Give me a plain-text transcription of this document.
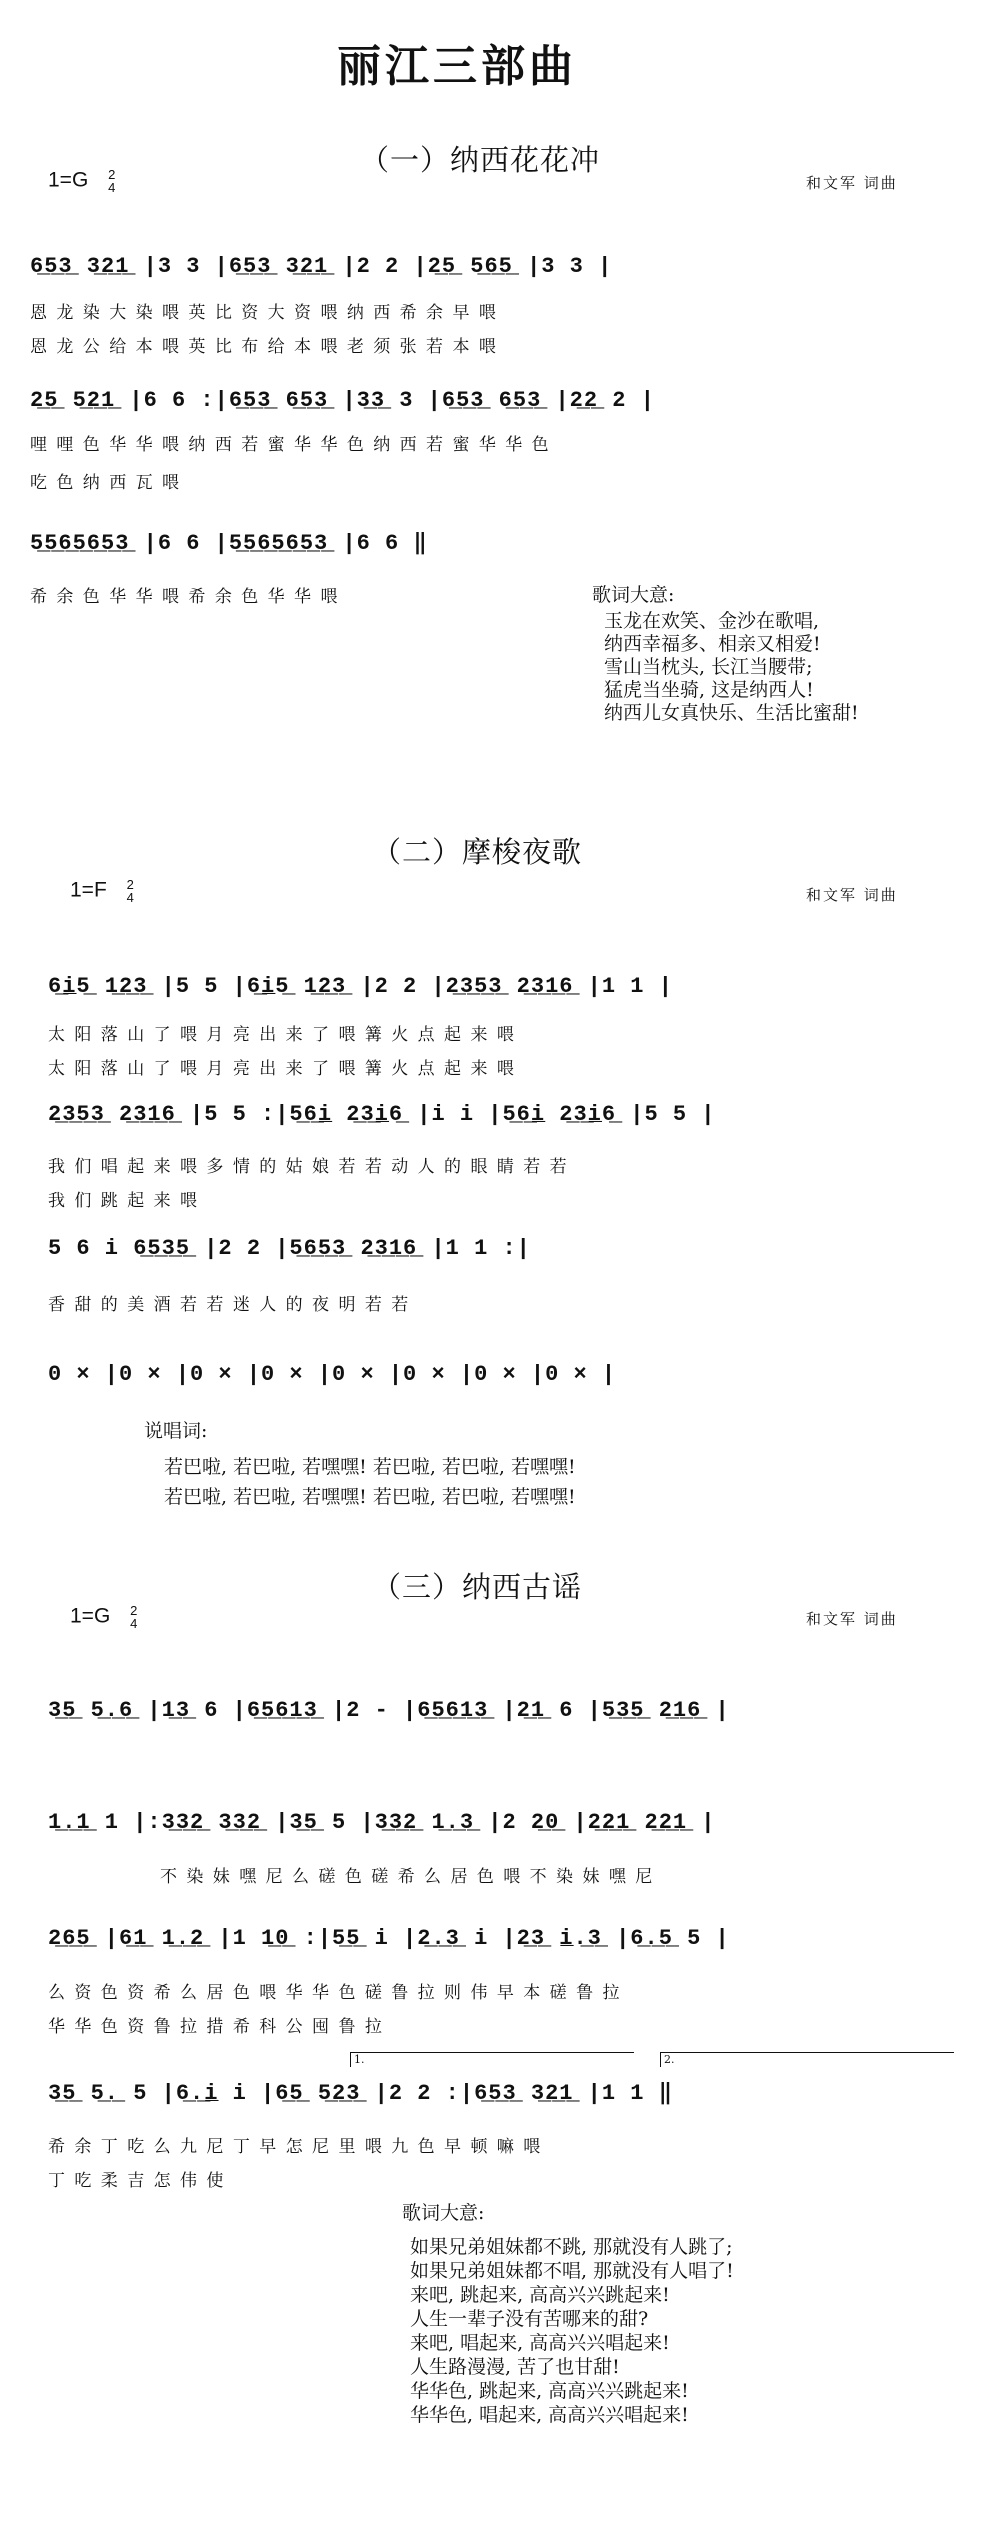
丽江三部曲
（一）纳西花花冲
1=G 2
4	和文军 词曲
6̲5̲3̲ 3̲2̲1̲ |3 3 |6̲5̲3̲ 3̲2̲1̲ |2 2 |2̲5̲ 5̲6̲5̲ |3 3 |
恩 龙 染 大 染 喂 英 比 资 大 资 喂 纳 西 希 余 早 喂
恩 龙 公 给 本 喂 英 比 布 给 本 喂 老 须 张 若 本 喂
2̲5̲ 5̲2̲1̲ |6 6 :|6̲5̲3̲ 6̲5̲3̲ |3̲3̲ 3 |6̲5̲3̲ 6̲5̲3̲ |2̲2̲ 2 |
哩 哩 色 华 华 喂 纳 西 若 蜜 华 华 色 纳 西 若 蜜 华 华 色
吃 色 纳 西 瓦 喂
5̲5̲6̲5̲6̲5̲3̲ |6 6 |5̲5̲6̲5̲6̲5̲3̲ |6 6 ‖
希 余 色 华 华 喂 希 余 色 华 华 喂	歌词大意:
玉龙在欢笑、金沙在歌唱,
纳西幸福多、相亲又相爱!
雪山当枕头, 长江当腰带;
猛虎当坐骑, 这是纳西人!
纳西儿女真快乐、生活比蜜甜!
（二）摩梭夜歌
1=F 2
4	和文军 词曲
6̲i̲5̲ 1̲2̲3̲ |5 5 |6̲i̲5̲ 1̲2̲3̲ |2 2 |2̲3̲5̲3̲ 2̲3̲1̲6̲ |1 1 |
太 阳 落 山 了 喂 月 亮 出 来 了 喂 篝 火 点 起 来 喂
太 阳 落 山 了 喂 月 亮 出 来 了 喂 篝 火 点 起 来 喂
2̲3̲5̲3̲ 2̲3̲1̲6̲ |5 5 :|5̲6̲i̲ 2̲3̲i̲6̲ |i i |5̲6̲i̲ 2̲3̲i̲6̲ |5 5 |
我 们 唱 起 来 喂 多 情 的 姑 娘 若 若 动 人 的 眼 睛 若 若
我 们 跳 起 来 喂
5 6 i 6̲5̲3̲5̲ |2 2 |5̲6̲5̲3̲ 2̲3̲1̲6̲ |1 1 :|
香 甜 的 美 酒 若 若 迷 人 的 夜 明 若 若
0 × |0 × |0 × |0 × |0 × |0 × |0 × |0 × |
说唱词:
若巴啦, 若巴啦, 若嘿嘿! 若巴啦, 若巴啦, 若嘿嘿!
若巴啦, 若巴啦, 若嘿嘿! 若巴啦, 若巴啦, 若嘿嘿!
（三）纳西古谣
1=G 2
4	和文军 词曲
3̲5̲ 5̲.̲6̲ |1̲3̲ 6 |6̲5̲6̲1̲3̲ |2 - |6̲5̲6̲1̲3̲ |2̲1̲ 6 |5̲3̲5̲ 2̲1̲6̲ |
1̲.̲1̲ 1 |:3̲3̲2̲ 3̲3̲2̲ |3̲5̲ 5 |3̲3̲2̲ 1̲.̲3̲ |2 2̲0̲ |2̲2̲1̲ 2̲2̲1̲ |
不 染 妹 嘿 尼 么 磋 色 磋 希 么 居 色 喂 不 染 妹 嘿 尼
2̲6̲5̲ |6̲1̲ 1̲.̲2̲ |1 1̲0̲ :|5̲5̲ i |2̲.̲3̲ i |2̲3̲ i̲.̲3̲ |6̲.̲5̲ 5 |
么 资 色 资 希 么 居 色 喂 华 华 色 磋 鲁 拉 则 伟 早 本 磋 鲁 拉
华 华 色 资 鲁 拉 措 希 科 公 囤 鲁 拉
1.	2.
3̲5̲ 5̲.̲ 5 |6̲.̲i̲ i |6̲5̲ 5̲2̲3̲ |2 2 :|6̲5̲3̲ 3̲2̲1̲ |1 1 ‖
希 余 丁 吃 么 九 尼 丁 早 怎 尼 里 喂 九 色 早 顿 嘛 喂
丁 吃 柔 吉 怎 伟 使
歌词大意:
如果兄弟姐妹都不跳, 那就没有人跳了;
如果兄弟姐妹都不唱, 那就没有人唱了!
来吧, 跳起来, 高高兴兴跳起来!
人生一辈子没有苦哪来的甜?
来吧, 唱起来, 高高兴兴唱起来!
人生路漫漫, 苦了也甘甜!
华华色, 跳起来, 高高兴兴跳起来!
华华色, 唱起来, 高高兴兴唱起来!
